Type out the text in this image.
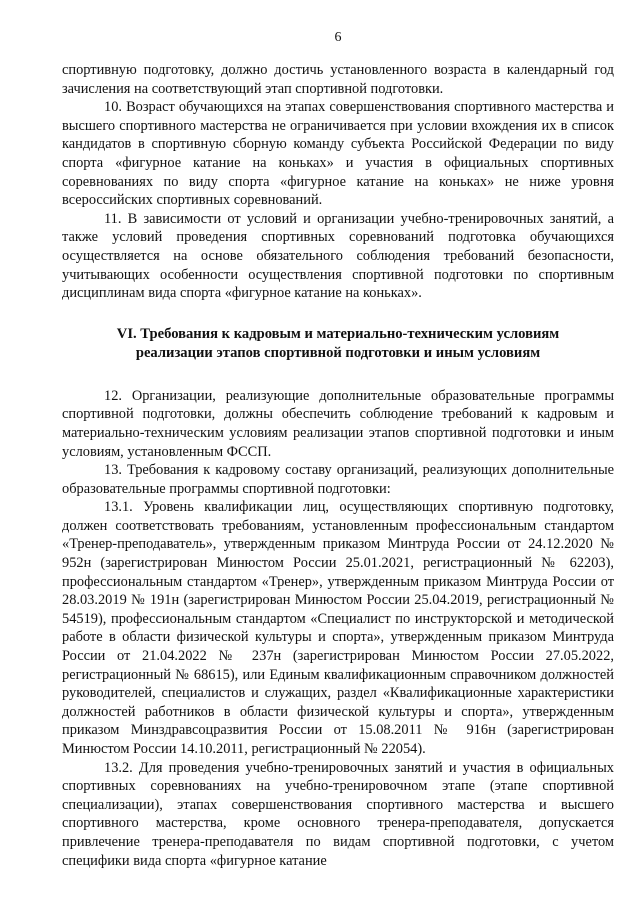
6

спортивную подготовку, должно достичь установленного возраста в календарный год зачисления на соответствующий этап спортивной подготовки.

10. Возраст обучающихся на этапах совершенствования спортивного мастерства и высшего спортивного мастерства не ограничивается при условии вхождения их в список кандидатов в спортивную сборную команду субъекта Российской Федерации по виду спорта «фигурное катание на коньках» и участия в официальных спортивных соревнованиях по виду спорта «фигурное катание на коньках» не ниже уровня всероссийских спортивных соревнований.

11. В зависимости от условий и организации учебно-тренировочных занятий, а также условий проведения спортивных соревнований подготовка обучающихся осуществляется на основе обязательного соблюдения требований безопасности, учитывающих особенности осуществления спортивной подготовки по спортивным дисциплинам вида спорта «фигурное катание на коньках».

VI. Требования к кадровым и материально-техническим условиям
реализации этапов спортивной подготовки и иным условиям

12. Организации, реализующие дополнительные образовательные программы спортивной подготовки, должны обеспечить соблюдение требований к кадровым и материально-техническим условиям реализации этапов спортивной подготовки и иным условиям, установленным ФССП.

13. Требования к кадровому составу организаций, реализующих дополнительные образовательные программы спортивной подготовки:

13.1. Уровень квалификации лиц, осуществляющих спортивную подготовку, должен соответствовать требованиям, установленным профессиональным стандартом «Тренер-преподаватель», утвержденным приказом Минтруда России от 24.12.2020 № 952н (зарегистрирован Минюстом России 25.01.2021, регистрационный № 62203), профессиональным стандартом «Тренер», утвержденным приказом Минтруда России от 28.03.2019 № 191н (зарегистрирован Минюстом России 25.04.2019, регистрационный № 54519), профессиональным стандартом «Специалист по инструкторской и методической работе в области физической культуры и спорта», утвержденным приказом Минтруда России от 21.04.2022 № 237н (зарегистрирован Минюстом России 27.05.2022, регистрационный № 68615), или Единым квалификационным справочником должностей руководителей, специалистов и служащих, раздел «Квалификационные характеристики должностей работников в области физической культуры и спорта», утвержденным приказом Минздравсоцразвития России от 15.08.2011 № 916н (зарегистрирован Минюстом России 14.10.2011, регистрационный № 22054).

13.2. Для проведения учебно-тренировочных занятий и участия в официальных спортивных соревнованиях на учебно-тренировочном этапе (этапе спортивной специализации), этапах совершенствования спортивного мастерства и высшего спортивного мастерства, кроме основного тренера-преподавателя, допускается привлечение тренера-преподавателя по видам спортивной подготовки, с учетом специфики вида спорта «фигурное катание
